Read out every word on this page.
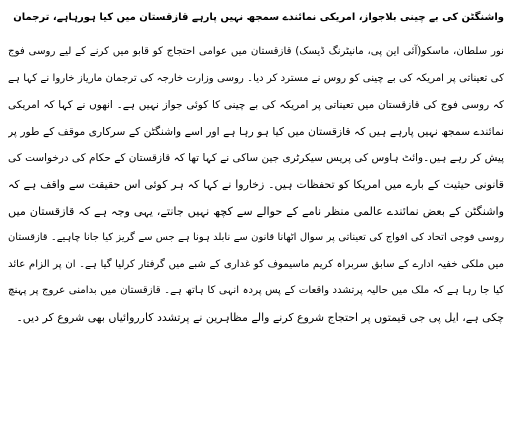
واشنگٹن کی بے چینی بلاجواز، امریکی نمائندے سمجھ نہیں پارہے قازقستان میں کیا ہورہاہے، ترجمان
نور سلطان، ماسکو(آئی این پی، مانیٹرنگ ڈیسک) قازقستان میں عوامی احتجاج کو قابو میں کرنے کے لیے روسی فوج
کی تعیناتی پر امریکہ کی بے چینی کو روس نے مسترد کر دیا۔ روسی وزارت خارجہ کی ترجمان ماریاز خاروا نے کہا ہے
کہ روسی فوج کی قازقستان میں تعیناتی پر امریکہ کی بے چینی کا کوئی جواز نہیں ہے۔ انھوں نے کہا کہ امریکی
نمائندے سمجھ نہیں پارہے ہیں کہ قازقستان میں کیا ہو رہا ہے اور اسے واشنگٹن کے سرکاری موقف کے طور پر
پیش کر رہے ہیں۔وائٹ ہاوس کی پریس سیکرٹری جین ساکی نے کہا تھا کہ قازقستان کے حکام کی درخواست کی
قانونی حیثیت کے بارے میں امریکا کو تحفظات ہیں۔ زخاروا نے کہا کہ ہر کوئی اس حقیقت سے واقف ہے کہ
واشنگٹن کے بعض نمائندے عالمی منظر نامے کے حوالے سے کچھ نہیں جانتے، یہی وجہ ہے کہ قازقستان میں
روسی فوجی اتحاد کی افواج کی تعیناتی پر سوال اٹھانا قانون سے نابلد ہونا ہے جس سے گریز کیا جانا چاہیے۔ قازقستان
میں ملکی خفیہ ادارے کے سابق سربراہ کریم ماسیموف کو غداری کے شبے میں گرفتار کرلیا گیا ہے۔ ان پر الزام عائد
کیا جا رہا ہے کہ ملک میں حالیہ پرتشدد واقعات کے پس پردہ انہی کا ہاتھ ہے۔ قازقستان میں بدامنی عروج پر پہنچ
چکی ہے، ایل پی جی قیمتوں پر احتجاج شروع کرنے والے مظاہرین نے پرتشدد کارروائیاں بھی شروع کر دیں۔
